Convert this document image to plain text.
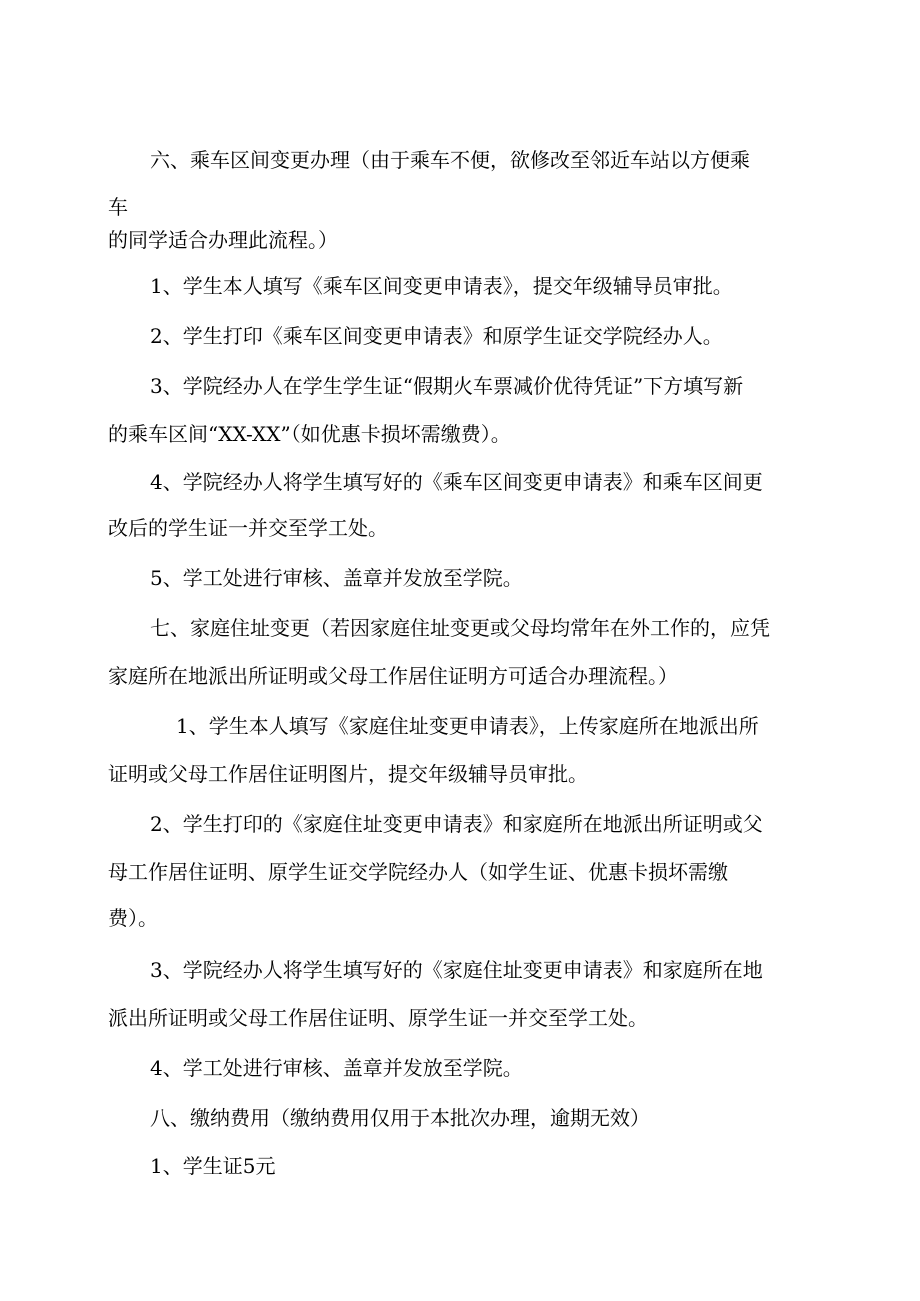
六、乘车区间变更办理（由于乘车不便，欲修改至邻近车站以方便乘
车
的同学适合办理此流程。）
1、学生本人填写《乘车区间变更申请表》，提交年级辅导员审批。
2、学生打印《乘车区间变更申请表》和原学生证交学院经办人。
3、学院经办人在学生学生证“假期火车票减价优待凭证”下方填写新
的乘车区间“XX-XX”（如优惠卡损坏需缴费）。
4、学院经办人将学生填写好的《乘车区间变更申请表》和乘车区间更
改后的学生证一并交至学工处。
5、学工处进行审核、盖章并发放至学院。
七、家庭住址变更（若因家庭住址变更或父母均常年在外工作的，应凭
家庭所在地派出所证明或父母工作居住证明方可适合办理流程。）
1、学生本人填写《家庭住址变更申请表》，上传家庭所在地派出所
证明或父母工作居住证明图片，提交年级辅导员审批。
2、学生打印的《家庭住址变更申请表》和家庭所在地派出所证明或父
母工作居住证明、原学生证交学院经办人（如学生证、优惠卡损坏需缴
费）。
3、学院经办人将学生填写好的《家庭住址变更申请表》和家庭所在地
派出所证明或父母工作居住证明、原学生证一并交至学工处。
4、学工处进行审核、盖章并发放至学院。
八、缴纳费用（缴纳费用仅用于本批次办理，逾期无效）
1、学生证5元
